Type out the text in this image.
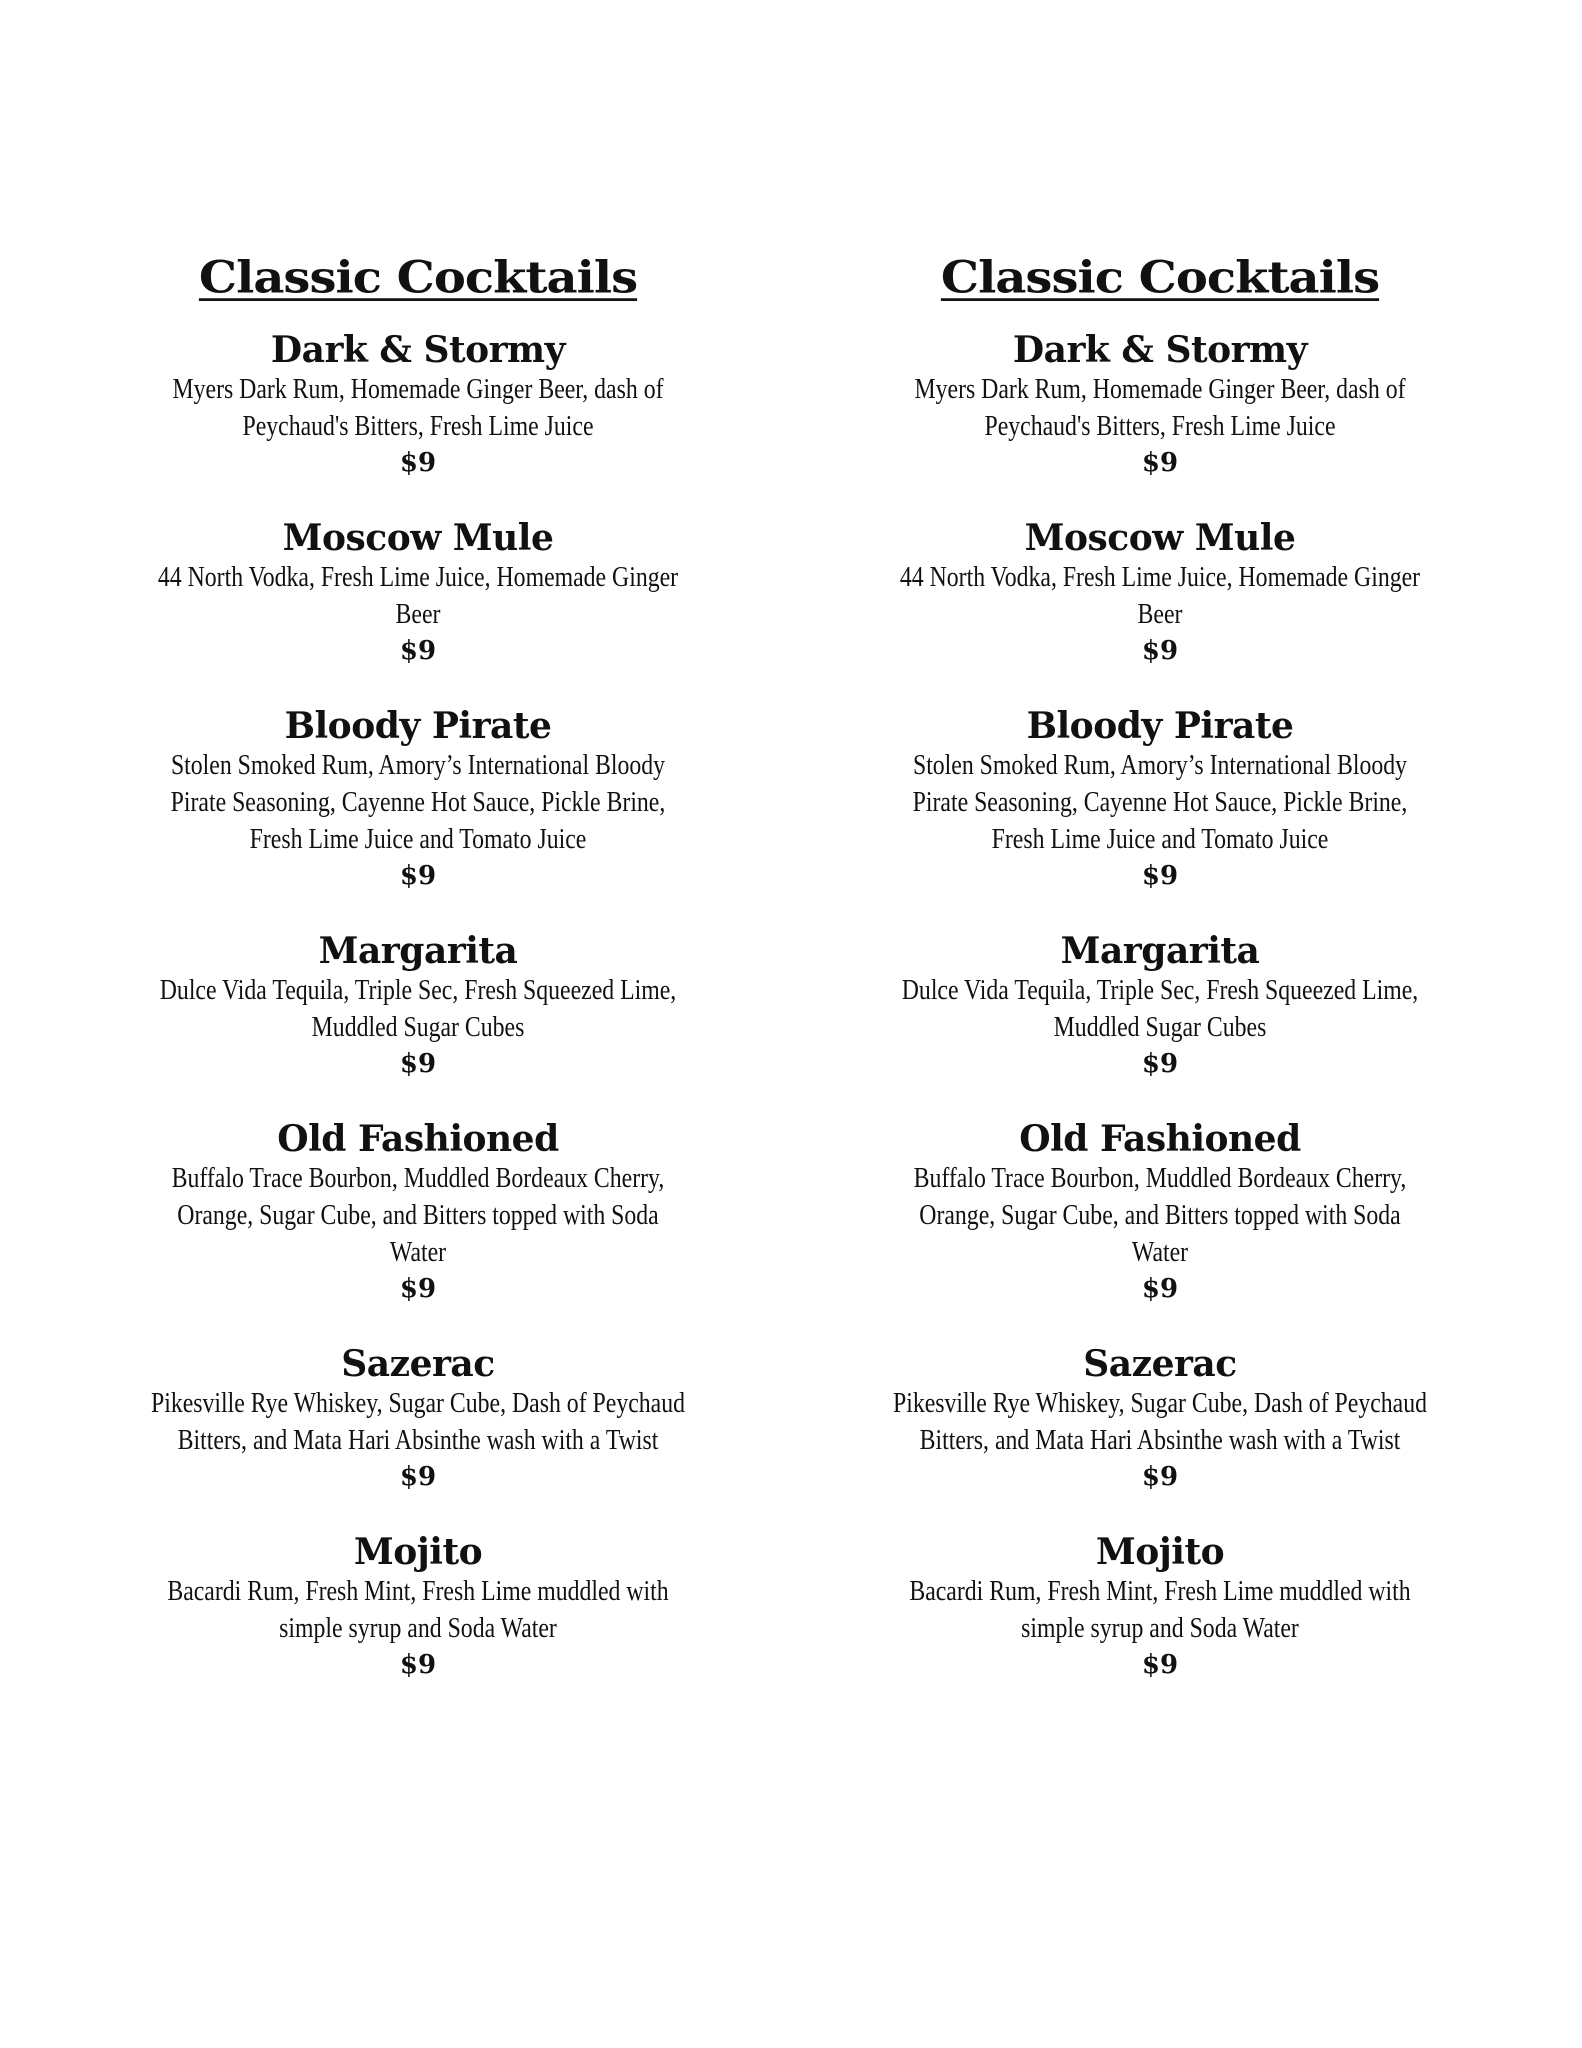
Classic Cocktails

Dark & Stormy

Myers Dark Rum, Homemade Ginger Beer, dash of Peychaud's Bitters, Fresh Lime Juice

$9

Moscow Mule

44 North Vodka, Fresh Lime Juice, Homemade Ginger Beer

$9

Bloody Pirate

Stolen Smoked Rum, Amory’s International Bloody Pirate Seasoning, Cayenne Hot Sauce, Pickle Brine, Fresh Lime Juice and Tomato Juice

$9

Margarita

Dulce Vida Tequila, Triple Sec, Fresh Squeezed Lime, Muddled Sugar Cubes

$9

Old Fashioned

Buffalo Trace Bourbon, Muddled Bordeaux Cherry, Orange, Sugar Cube, and Bitters topped with Soda Water

$9

Sazerac

Pikesville Rye Whiskey, Sugar Cube, Dash of Peychaud Bitters, and Mata Hari Absinthe wash with a Twist

$9

Mojito

Bacardi Rum, Fresh Mint, Fresh Lime muddled with simple syrup and Soda Water

$9

Classic Cocktails

Dark & Stormy

Myers Dark Rum, Homemade Ginger Beer, dash of Peychaud's Bitters, Fresh Lime Juice

$9

Moscow Mule

44 North Vodka, Fresh Lime Juice, Homemade Ginger Beer

$9

Bloody Pirate

Stolen Smoked Rum, Amory’s International Bloody Pirate Seasoning, Cayenne Hot Sauce, Pickle Brine, Fresh Lime Juice and Tomato Juice

$9

Margarita

Dulce Vida Tequila, Triple Sec, Fresh Squeezed Lime, Muddled Sugar Cubes

$9

Old Fashioned

Buffalo Trace Bourbon, Muddled Bordeaux Cherry, Orange, Sugar Cube, and Bitters topped with Soda Water

$9

Sazerac

Pikesville Rye Whiskey, Sugar Cube, Dash of Peychaud Bitters, and Mata Hari Absinthe wash with a Twist

$9

Mojito

Bacardi Rum, Fresh Mint, Fresh Lime muddled with simple syrup and Soda Water

$9
